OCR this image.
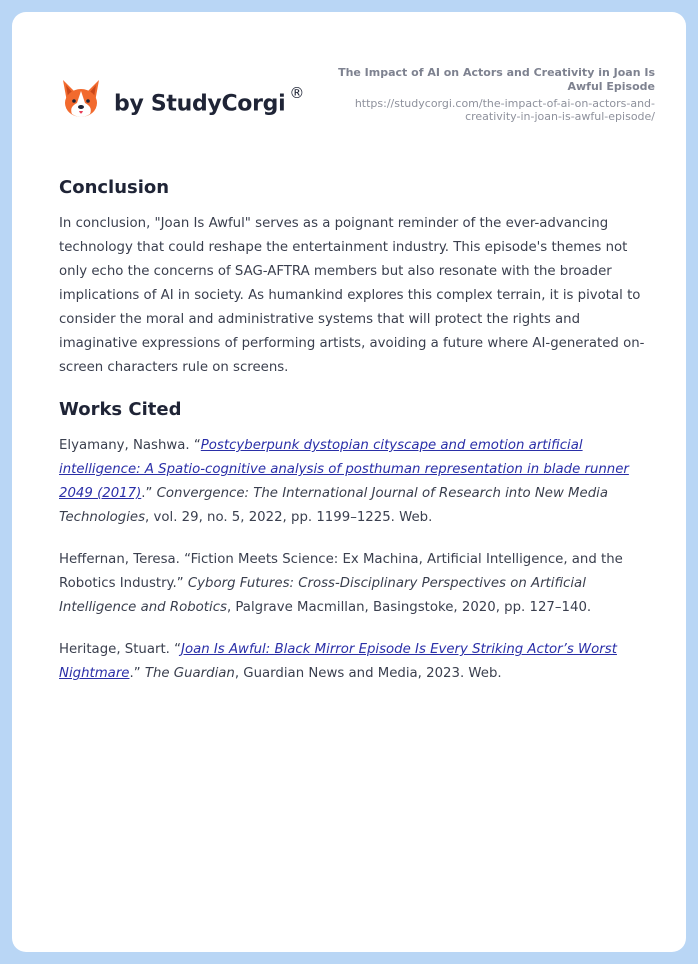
by StudyCorgi ®
The Impact of AI on Actors and Creativity in Joan Is Awful Episode
https://studycorgi.com/the-impact-of-ai-on-actors-and-creativity-in-joan-is-awful-episode/
Conclusion

In conclusion, "Joan Is Awful" serves as a poignant reminder of the ever-advancing technology that could reshape the entertainment industry. This episode's themes not only echo the concerns of SAG-AFTRA members but also resonate with the broader implications of AI in society. As humankind explores this complex terrain, it is pivotal to consider the moral and administrative systems that will protect the rights and imaginative expressions of performing artists, avoiding a future where AI-generated on-screen characters rule on screens.

Works Cited

Elyamany, Nashwa. “Postcyberpunk dystopian cityscape and emotion artificial intelligence: A Spatio-cognitive analysis of posthuman representation in blade runner 2049 (2017).” Convergence: The International Journal of Research into New Media Technologies, vol. 29, no. 5, 2022, pp. 1199–1225. Web.

Heffernan, Teresa. “Fiction Meets Science: Ex Machina, Artificial Intelligence, and the Robotics Industry.” Cyborg Futures: Cross-Disciplinary Perspectives on Artificial Intelligence and Robotics, Palgrave Macmillan, Basingstoke, 2020, pp. 127–140.

Heritage, Stuart. “Joan Is Awful: Black Mirror Episode Is Every Striking Actor’s Worst Nightmare.” The Guardian, Guardian News and Media, 2023. Web.
